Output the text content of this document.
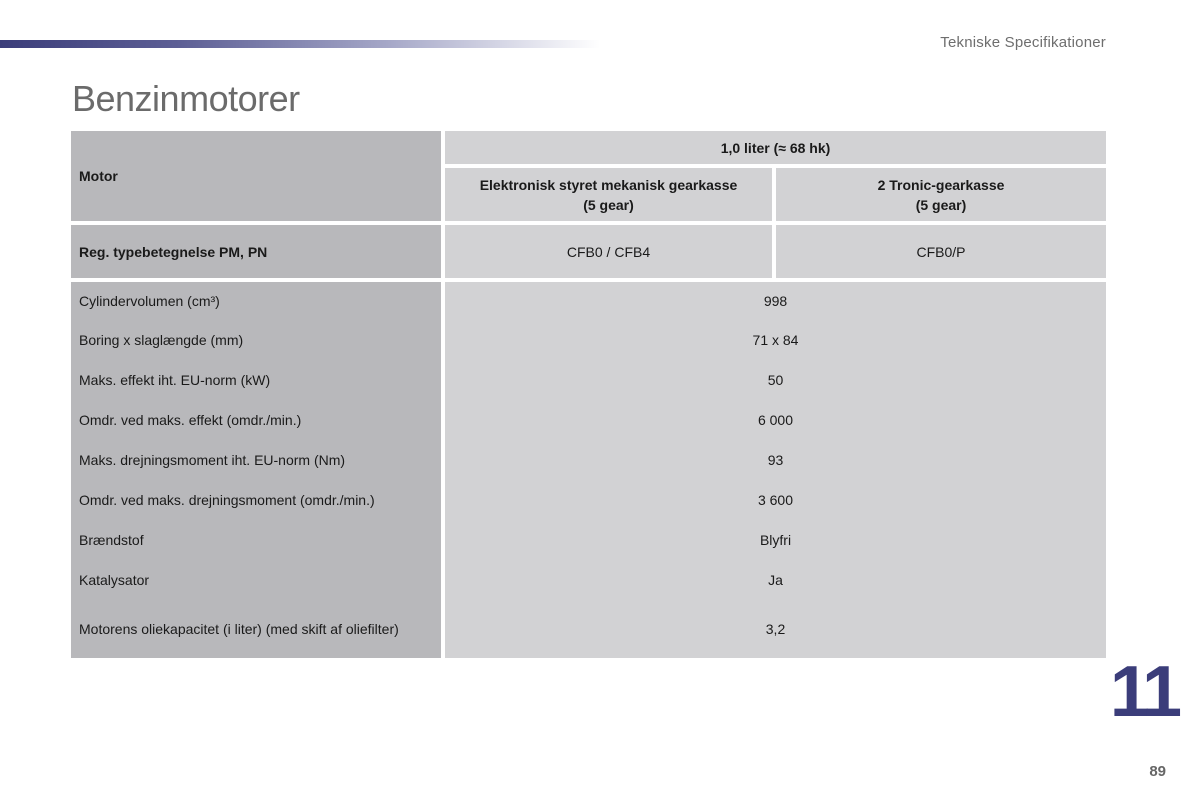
Tekniske Specifikationer
Benzinmotorer
Motor
1,0 liter (≈ 68 hk)
Elektronisk styret mekanisk gearkasse
(5 gear)
2 Tronic-gearkasse
(5 gear)
Reg. typebetegnelse PM, PN	CFB0 / CFB4	CFB0/P
Cylindervolumen (cm³)
Boring x slaglængde (mm)
Maks. effekt iht. EU-norm (kW)
Omdr. ved maks. effekt (omdr./min.)
Maks. drejningsmoment iht. EU-norm (Nm)
Omdr. ved maks. drejningsmoment (omdr./min.)
Brændstof
Katalysator
Motorens oliekapacitet (i liter) (med skift af oliefilter)
998
71 x 84
50
6 000
93
3 600
Blyfri
Ja
3,2
11
89
